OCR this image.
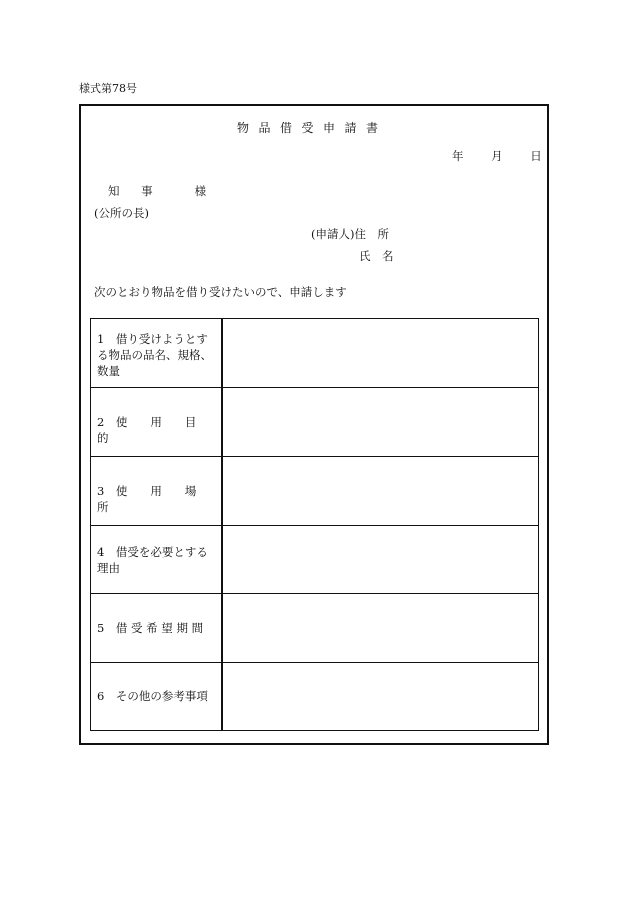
様式第78号
物品借受申請書
年 月 日
知 事	様
(公所の長)
(申請人)住　所
氏　名
次のとおり物品を借り受けたいので、申請します
1　借り受けようとする物品の品名、規格、数量
2　使　　用　　目　　的
3　使　　用　　場　　所
4　借受を必要とする理由
5　借 受 希 望 期 間
6　その他の参考事項
